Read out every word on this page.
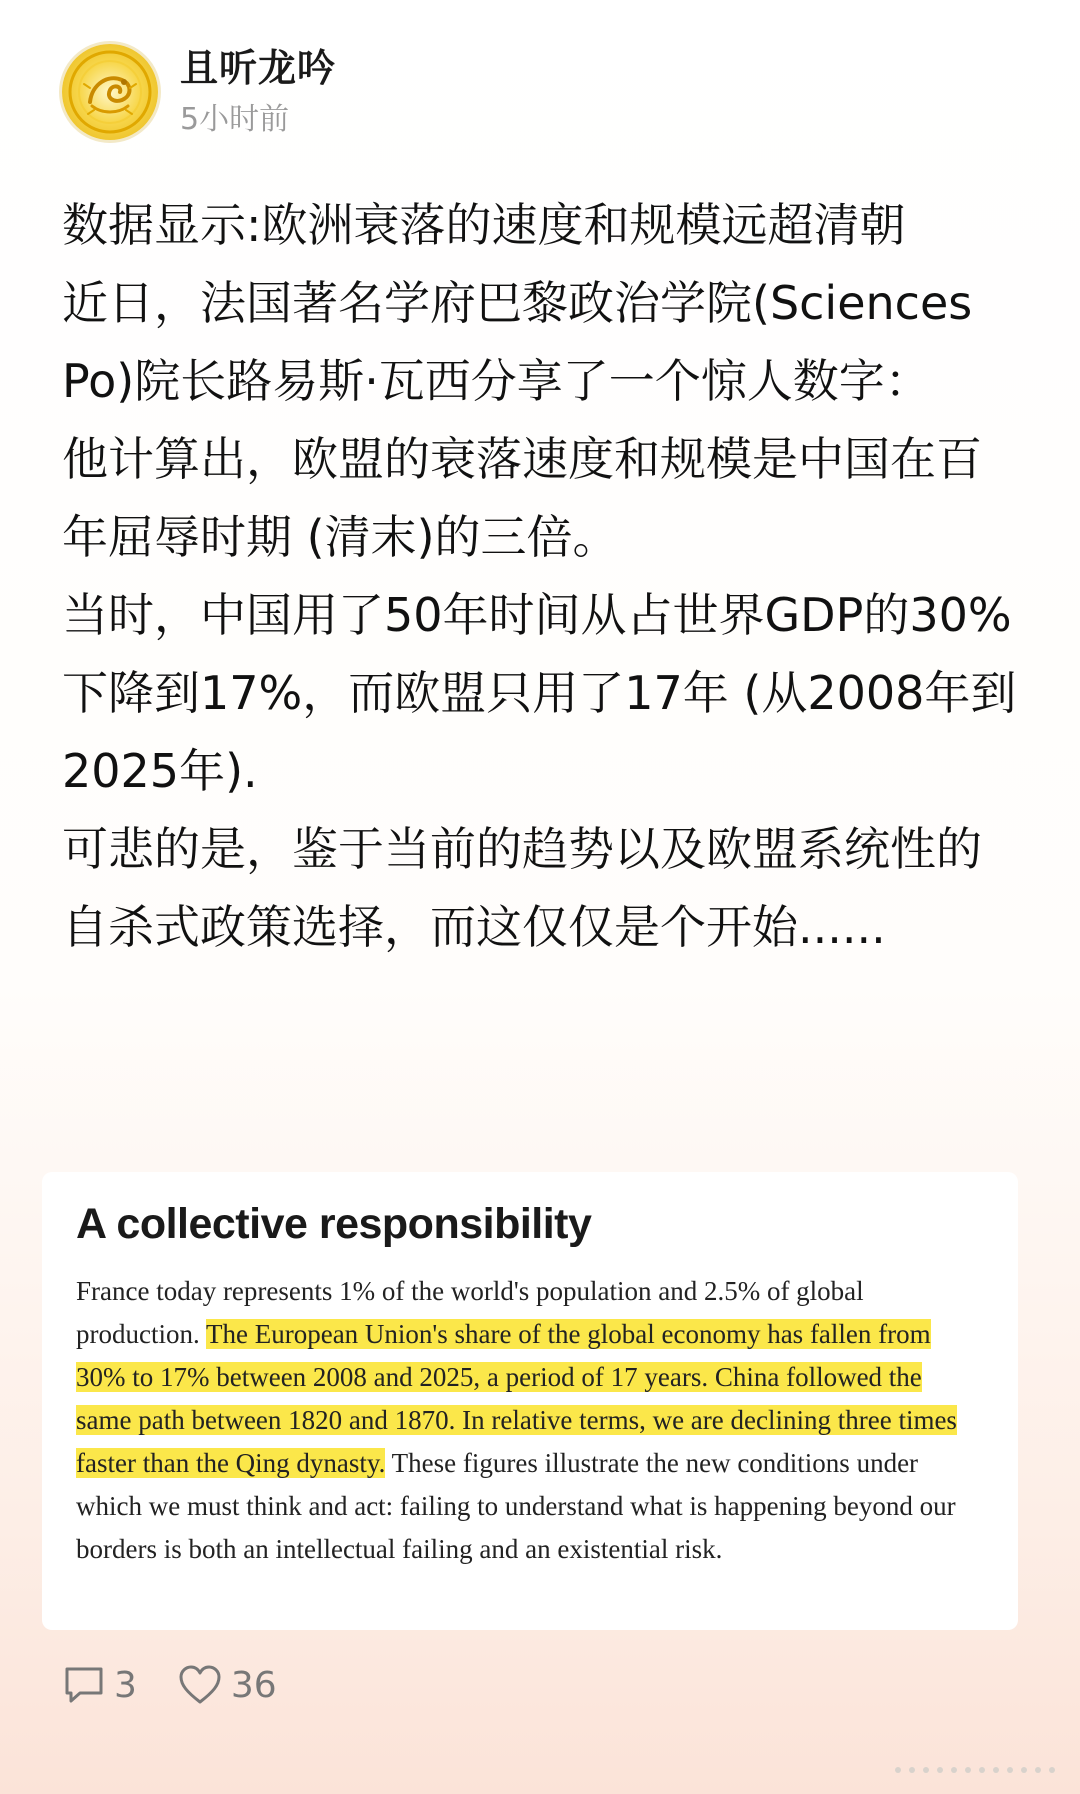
且听龙吟
5小时前

数据显示:欧洲衰落的速度和规模远超清朝

近日，法国著名学府巴黎政治学院(Sciences Po)院长路易斯·瓦西分享了一个惊人数字：

他计算出，欧盟的衰落速度和规模是中国在百年屈辱时期 (清末)的三倍。

当时，中国用了50年时间从占世界GDP的30%下降到17%，而欧盟只用了17年 (从2008年到2025年).

可悲的是，鉴于当前的趋势以及欧盟系统性的自杀式政策选择，而这仅仅是个开始......

A collective responsibility

France today represents 1% of the world's population and 2.5% of global production. The European Union's share of the global economy has fallen from 30% to 17% between 2008 and 2025, a period of 17 years. China followed the same path between 1820 and 1870. In relative terms, we are declining three times faster than the Qing dynasty. These figures illustrate the new conditions under which we must think and act: failing to understand what is happening beyond our borders is both an intellectual failing and an existential risk.

3	36
